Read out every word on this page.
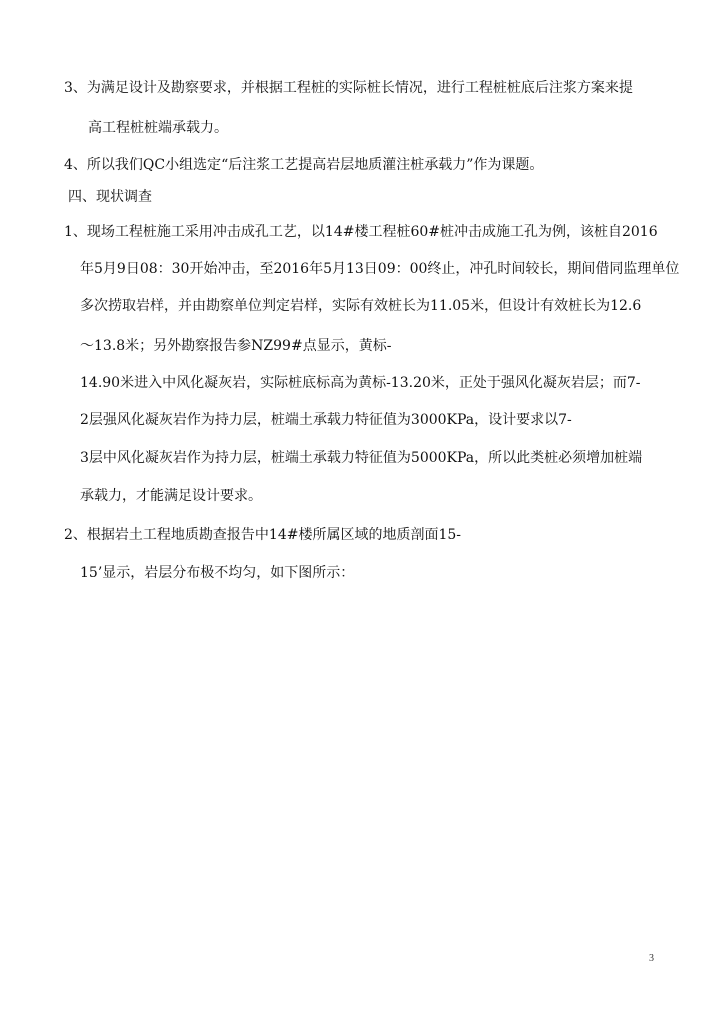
3、为满足设计及勘察要求，并根据工程桩的实际桩长情况，进行工程桩桩底后注浆方案来提
高工程桩桩端承载力。
4、所以我们QC小组选定“后注浆工艺提高岩层地质灌注桩承载力”作为课题。
四、现状调查
1、现场工程桩施工采用冲击成孔工艺，以14#楼工程桩60#桩冲击成施工孔为例，该桩自2016
年5月9日08：30开始冲击，至2016年5月13日09：00终止，冲孔时间较长，期间借同监理单位
多次捞取岩样，并由勘察单位判定岩样，实际有效桩长为11.05米，但设计有效桩长为12.6
～13.8米；另外勘察报告参NZ99#点显示，黄标-
14.90米进入中风化凝灰岩，实际桩底标高为黄标-13.20米，正处于强风化凝灰岩层；而7-
2层强风化凝灰岩作为持力层，桩端土承载力特征值为3000KPa，设计要求以7-
3层中风化凝灰岩作为持力层，桩端土承载力特征值为5000KPa，所以此类桩必须增加桩端
承载力，才能满足设计要求。
2、根据岩土工程地质勘查报告中14#楼所属区域的地质剖面15-
15’显示，岩层分布极不均匀，如下图所示：
3
